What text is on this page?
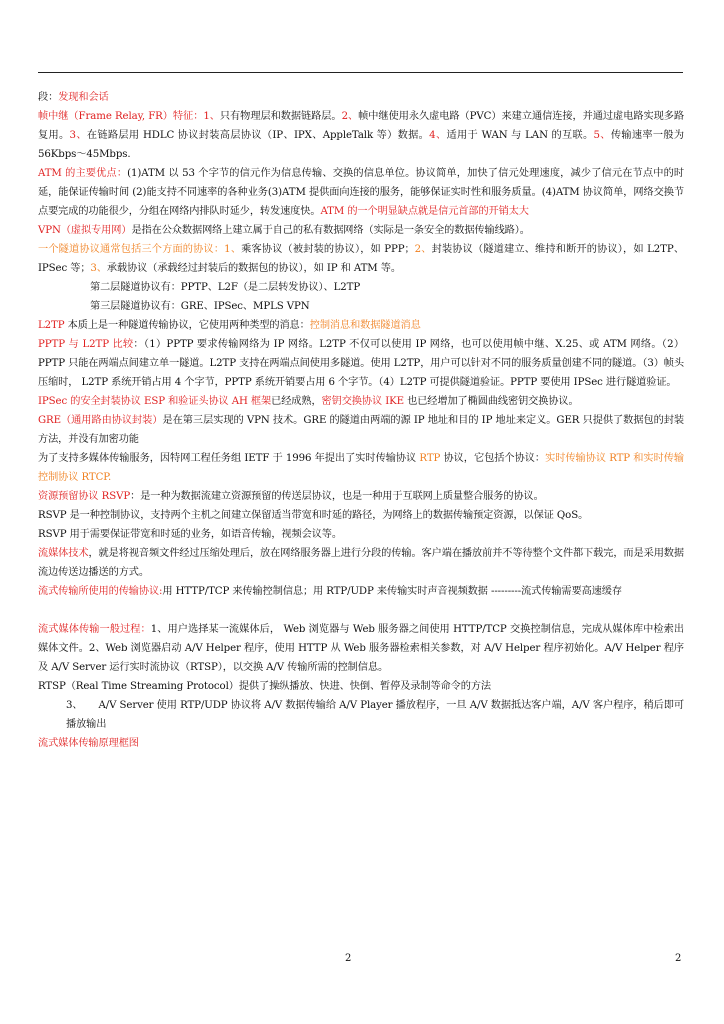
段：发现和会话

帧中继（Frame Relay, FR）特征：1、只有物理层和数据链路层。2、帧中继使用永久虚电路（PVC）来建立通信连接，并通过虚电路实现多路复用。3、在链路层用 HDLC 协议封装高层协议（IP、IPX、AppleTalk 等）数据。4、适用于 WAN 与 LAN 的互联。5、传输速率一般为 56Kbps～45Mbps.

ATM 的主要优点：(1)ATM 以 53 个字节的信元作为信息传输、交换的信息单位。协议简单，加快了信元处理速度，减少了信元在节点中的时延，能保证传输时间 (2)能支持不同速率的各种业务(3)ATM 提供面向连接的服务，能够保证实时性和服务质量。(4)ATM 协议简单，网络交换节点要完成的功能很少，分组在网络内排队时延少，转发速度快。ATM 的一个明显缺点就是信元首部的开销太大

VPN（虚拟专用网）是指在公众数据网络上建立属于自己的私有数据网络（实际是一条安全的数据传输线路）。

一个隧道协议通常包括三个方面的协议：1、乘客协议（被封装的协议），如 PPP；2、封装协议（隧道建立、维持和断开的协议），如 L2TP、IPSec 等；3、承载协议（承载经过封装后的数据包的协议），如 IP 和 ATM 等。

第二层隧道协议有：PPTP、L2F（是二层转发协议）、L2TP

第三层隧道协议有：GRE、IPSec、MPLS VPN

L2TP 本质上是一种隧道传输协议，它使用两种类型的消息：控制消息和数据隧道消息

PPTP 与 L2TP 比较：（1）PPTP 要求传输网络为 IP 网络。L2TP 不仅可以使用 IP 网络，也可以使用帧中继、X.25、或 ATM 网络。（2）PPTP 只能在两端点间建立单一隧道。L2TP 支持在两端点间使用多隧道。使用 L2TP，用户可以针对不同的服务质量创建不同的隧道。（3）帧头压缩时， L2TP 系统开销占用 4 个字节，PPTP 系统开销要占用 6 个字节。（4）L2TP 可提供隧道验证。PPTP 要使用 IPSec 进行隧道验证。

IPSec 的安全封装协议 ESP 和验证头协议 AH 框架已经成熟，密钥交换协议 IKE 也已经增加了椭圆曲线密钥交换协议。

GRE（通用路由协议封装）是在第三层实现的 VPN 技术。GRE 的隧道由两端的源 IP 地址和目的 IP 地址来定义。GER 只提供了数据包的封装方法，并没有加密功能

为了支持多媒体传输服务，因特网工程任务组 IETF 于 1996 年提出了实时传输协议 RTP 协议，它包括个协议：实时传输协议 RTP 和实时传输控制协议 RTCP.

资源预留协议 RSVP：是一种为数据流建立资源预留的传送层协议，也是一种用于互联网上质量整合服务的协议。

RSVP 是一种控制协议，支持两个主机之间建立保留适当带宽和时延的路径，为网络上的数据传输预定资源，以保证 QoS。

RSVP 用于需要保证带宽和时延的业务，如语音传输，视频会议等。

流媒体技术，就是将视音频文件经过压缩处理后，放在网络服务器上进行分段的传输。客户端在播放前并不等待整个文件都下载完，而是采用数据流边传送边播送的方式。

流式传输所使用的传输协议:用 HTTP/TCP 来传输控制信息；用 RTP/UDP 来传输实时声音视频数据 ---------流式传输需要高速缓存

流式媒体传输一般过程：1、用户选择某一流媒体后， Web 浏览器与 Web 服务器之间使用 HTTP/TCP 交换控制信息，完成从媒体库中检索出媒体文件。2、Web 浏览器启动 A/V Helper 程序，使用 HTTP 从 Web 服务器检索相关参数，对 A/V Helper 程序初始化。A/V Helper 程序及 A/V Server 运行实时流协议（RTSP），以交换 A/V 传输所需的控制信息。

RTSP（Real Time Streaming Protocol）提供了操纵播放、快进、快倒、暂停及录制等命令的方法

3、 A/V Server 使用 RTP/UDP 协议将 A/V 数据传输给 A/V Player 播放程序，一旦 A/V 数据抵达客户端，A/V 客户程序，稍后即可播放输出

流式媒体传输原理框图

2	2
